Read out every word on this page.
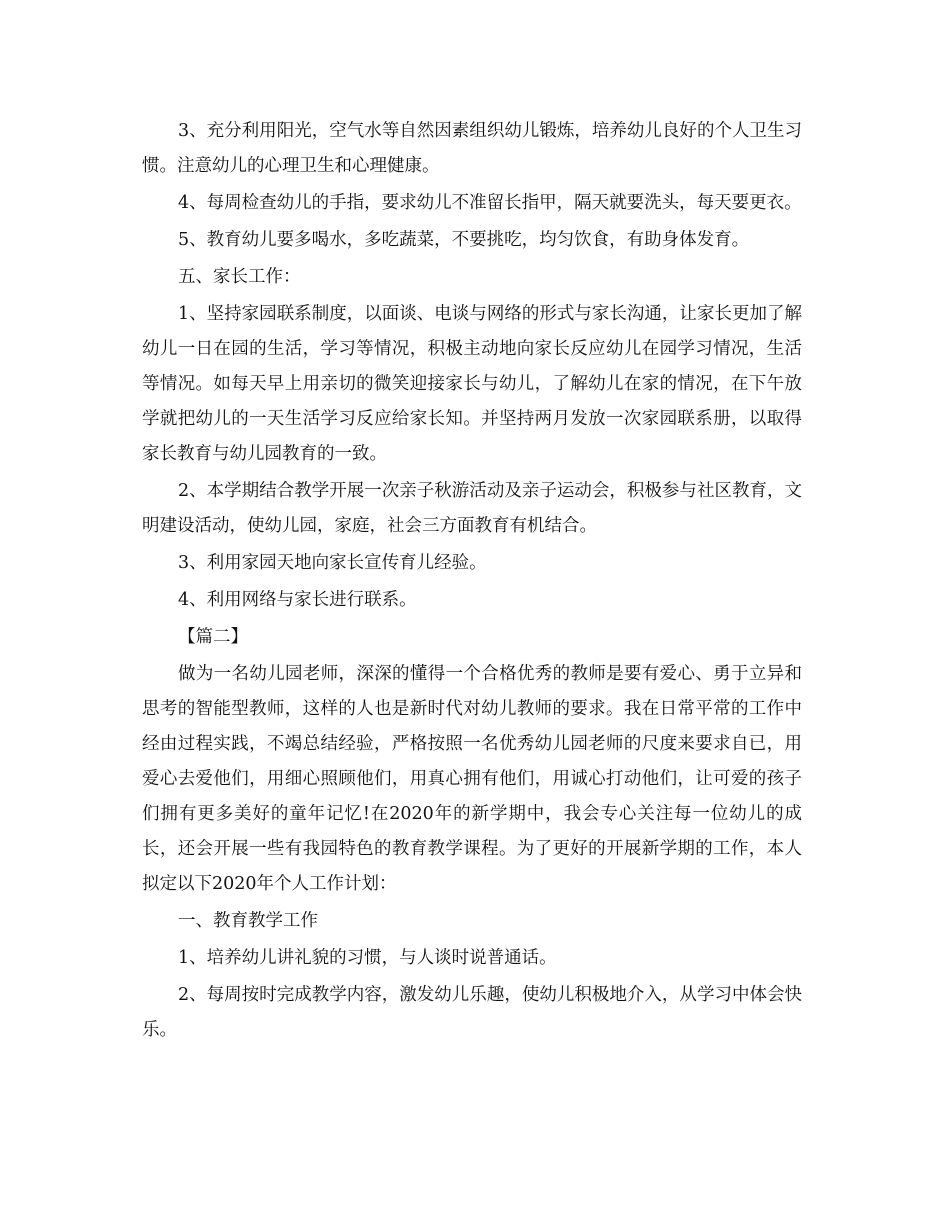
3、充分利用阳光，空气水等自然因素组织幼儿锻炼，培养幼儿良好的个人卫生习惯。注意幼儿的心理卫生和心理健康。

4、每周检查幼儿的手指，要求幼儿不准留长指甲，隔天就要洗头，每天要更衣。

5、教育幼儿要多喝水，多吃蔬菜，不要挑吃，均匀饮食，有助身体发育。

五、家长工作：

1、坚持家园联系制度，以面谈、电谈与网络的形式与家长沟通，让家长更加了解幼儿一日在园的生活，学习等情况，积极主动地向家长反应幼儿在园学习情况，生活等情况。如每天早上用亲切的微笑迎接家长与幼儿，了解幼儿在家的情况，在下午放学就把幼儿的一天生活学习反应给家长知。并坚持两月发放一次家园联系册，以取得家长教育与幼儿园教育的一致。

2、本学期结合教学开展一次亲子秋游活动及亲子运动会，积极参与社区教育，文明建设活动，使幼儿园，家庭，社会三方面教育有机结合。

3、利用家园天地向家长宣传育儿经验。

4、利用网络与家长进行联系。

【篇二】

做为一名幼儿园老师，深深的懂得一个合格优秀的教师是要有爱心、勇于立异和思考的智能型教师，这样的人也是新时代对幼儿教师的要求。我在日常平常的工作中经由过程实践，不竭总结经验，严格按照一名优秀幼儿园老师的尺度来要求自已，用爱心去爱他们，用细心照顾他们，用真心拥有他们，用诚心打动他们，让可爱的孩子们拥有更多美好的童年记忆!在2020年的新学期中，我会专心关注每一位幼儿的成长，还会开展一些有我园特色的教育教学课程。为了更好的开展新学期的工作，本人拟定以下2020年个人工作计划：

一、教育教学工作

1、培养幼儿讲礼貌的习惯，与人谈时说普通话。

2、每周按时完成教学内容，激发幼儿乐趣，使幼儿积极地介入，从学习中体会快乐。
